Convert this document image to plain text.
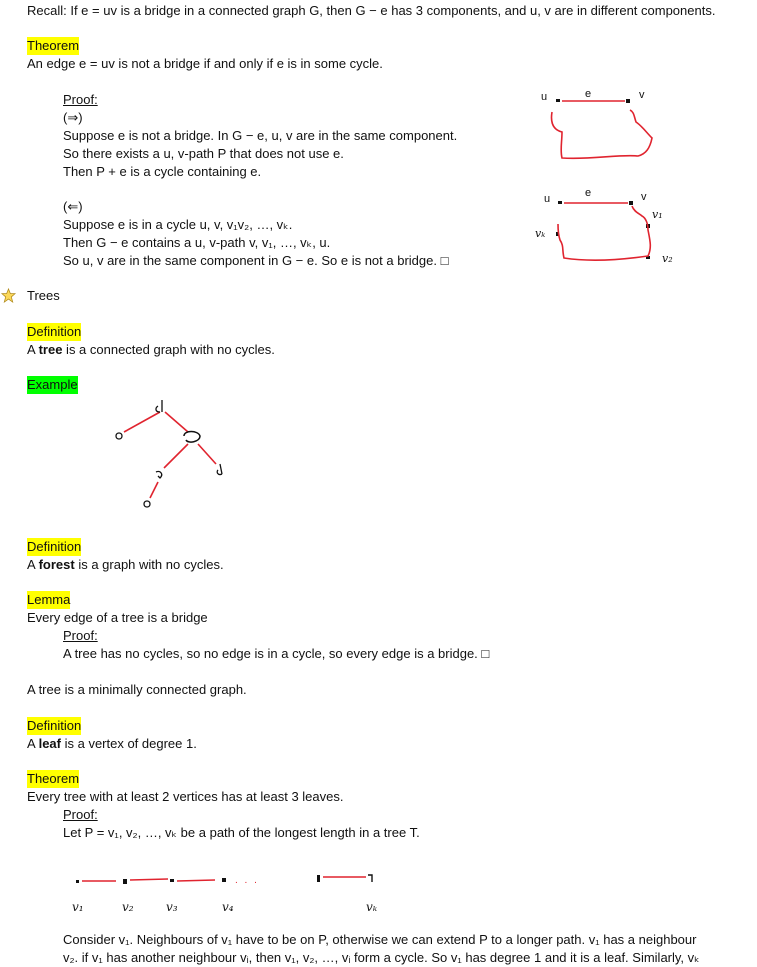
Recall: If e = uv is a bridge in a connected graph G, then G − e has 3 components, and u, v are in different components.
Theorem
An edge e = uv is not a bridge if and only if e is in some cycle.
Proof:
(⇒)
Suppose e is not a bridge. In G − e, u, v are in the same component.
So there exists a u, v-path P that does not use e.
Then P + e is a cycle containing e.
(⇐)
Suppose e is in a cycle u, v, v₁v₂, …, vₖ.
Then G − e contains a u, v-path v, v₁, …, vₖ, u.
So u, v are in the same component in G − e. So e is not a bridge. □
u	e	v
u	e	v
v₁
v₂
vₖ
Trees
Definition
A tree is a connected graph with no cycles.
Example
Definition
A forest is a graph with no cycles.
Lemma
Every edge of a tree is a bridge
Proof:
A tree has no cycles, so no edge is in a cycle, so every edge is a bridge. □
A tree is a minimally connected graph.
Definition
A leaf is a vertex of degree 1.
Theorem
Every tree with at least 2 vertices has at least 3 leaves.
Proof:
Let P = v₁, v₂, …, vₖ be a path of the longest length in a tree T.
. . .
v₁	v₂	v₃	v₄	vₖ
Consider v₁. Neighbours of v₁ have to be on P, otherwise we can extend P to a longer path. v₁ has a neighbour
v₂. if v₁ has another neighbour vᵢ, then v₁, v₂, …, vᵢ form a cycle. So v₁ has degree 1 and it is a leaf. Similarly, vₖ
